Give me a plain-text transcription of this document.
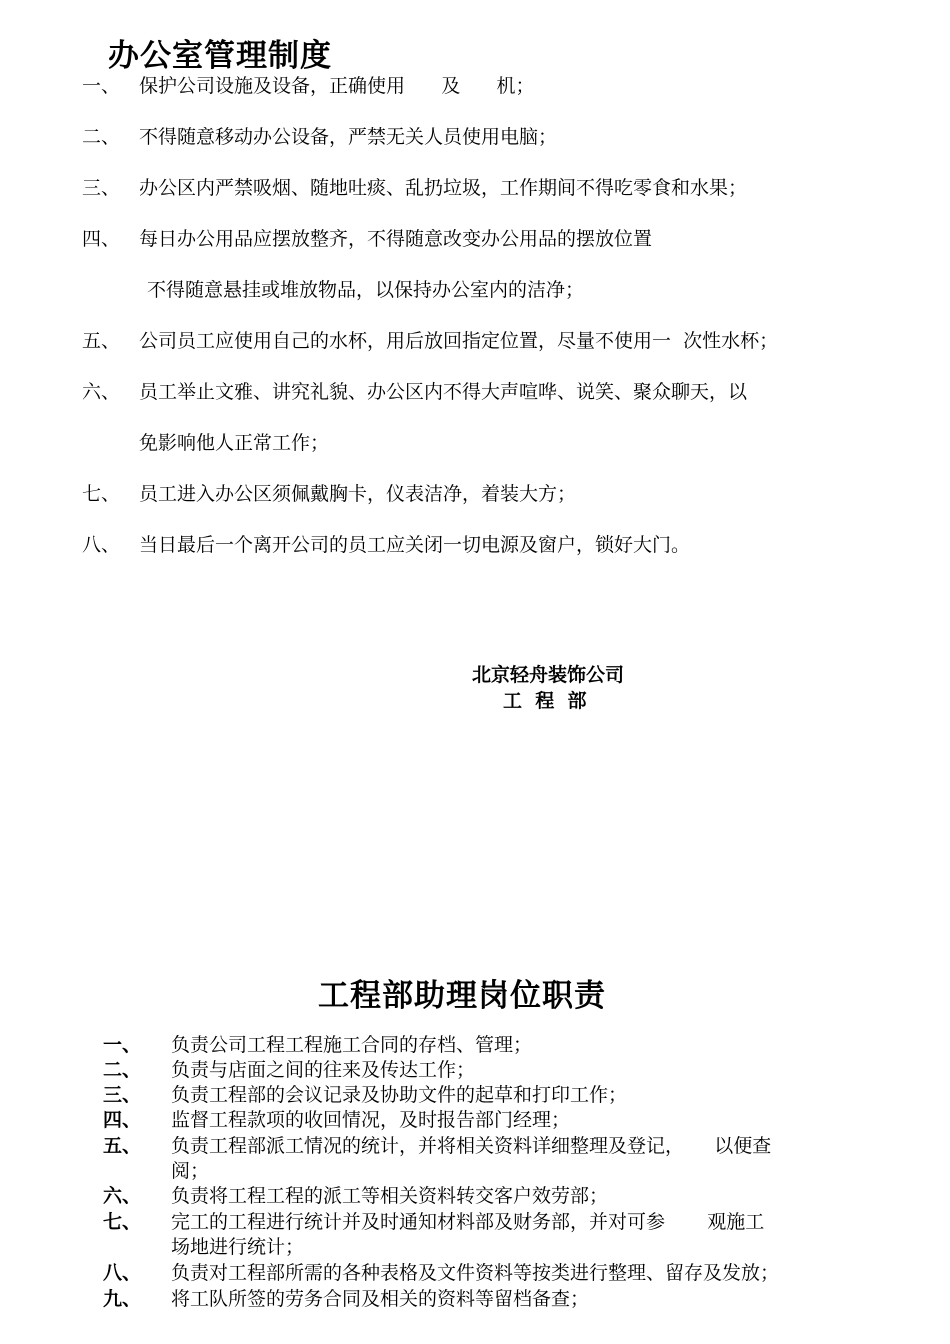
办公室管理制度
一、 保护公司设施及设备，正确使用      及      机；
二、 不得随意移动办公设备，严禁无关人员使用电脑；
三、 办公区内严禁吸烟、随地吐痰、乱扔垃圾，工作期间不得吃零食和水果；
四、 每日办公用品应摆放整齐，不得随意改变办公用品的摆放位置
不得随意悬挂或堆放物品，以保持办公室内的洁净；
五、 公司员工应使用自己的水杯，用后放回指定位置，尽量不使用一  次性水杯；
六、 员工举止文雅、讲究礼貌、办公区内不得大声喧哗、说笑、聚众聊天，以
免影响他人正常工作；
七、 员工进入办公区须佩戴胸卡，仪表洁净，着装大方；
八、 当日最后一个离开公司的员工应关闭一切电源及窗户，锁好大门。
北京轻舟装饰公司
工  程  部
工程部助理岗位职责
一、 负责公司工程工程施工合同的存档、管理；
二、 负责与店面之间的往来及传达工作；
三、 负责工程部的会议记录及协助文件的起草和打印工作；
四、 监督工程款项的收回情况，及时报告部门经理；
五、 负责工程部派工情况的统计，并将相关资料详细整理及登记，     以便查
阅；
六、 负责将工程工程的派工等相关资料转交客户效劳部；
七、 完工的工程进行统计并及时通知材料部及财务部，并对可参       观施工
场地进行统计；
八、 负责对工程部所需的各种表格及文件资料等按类进行整理、留存及发放；
九、 将工队所签的劳务合同及相关的资料等留档备查；
